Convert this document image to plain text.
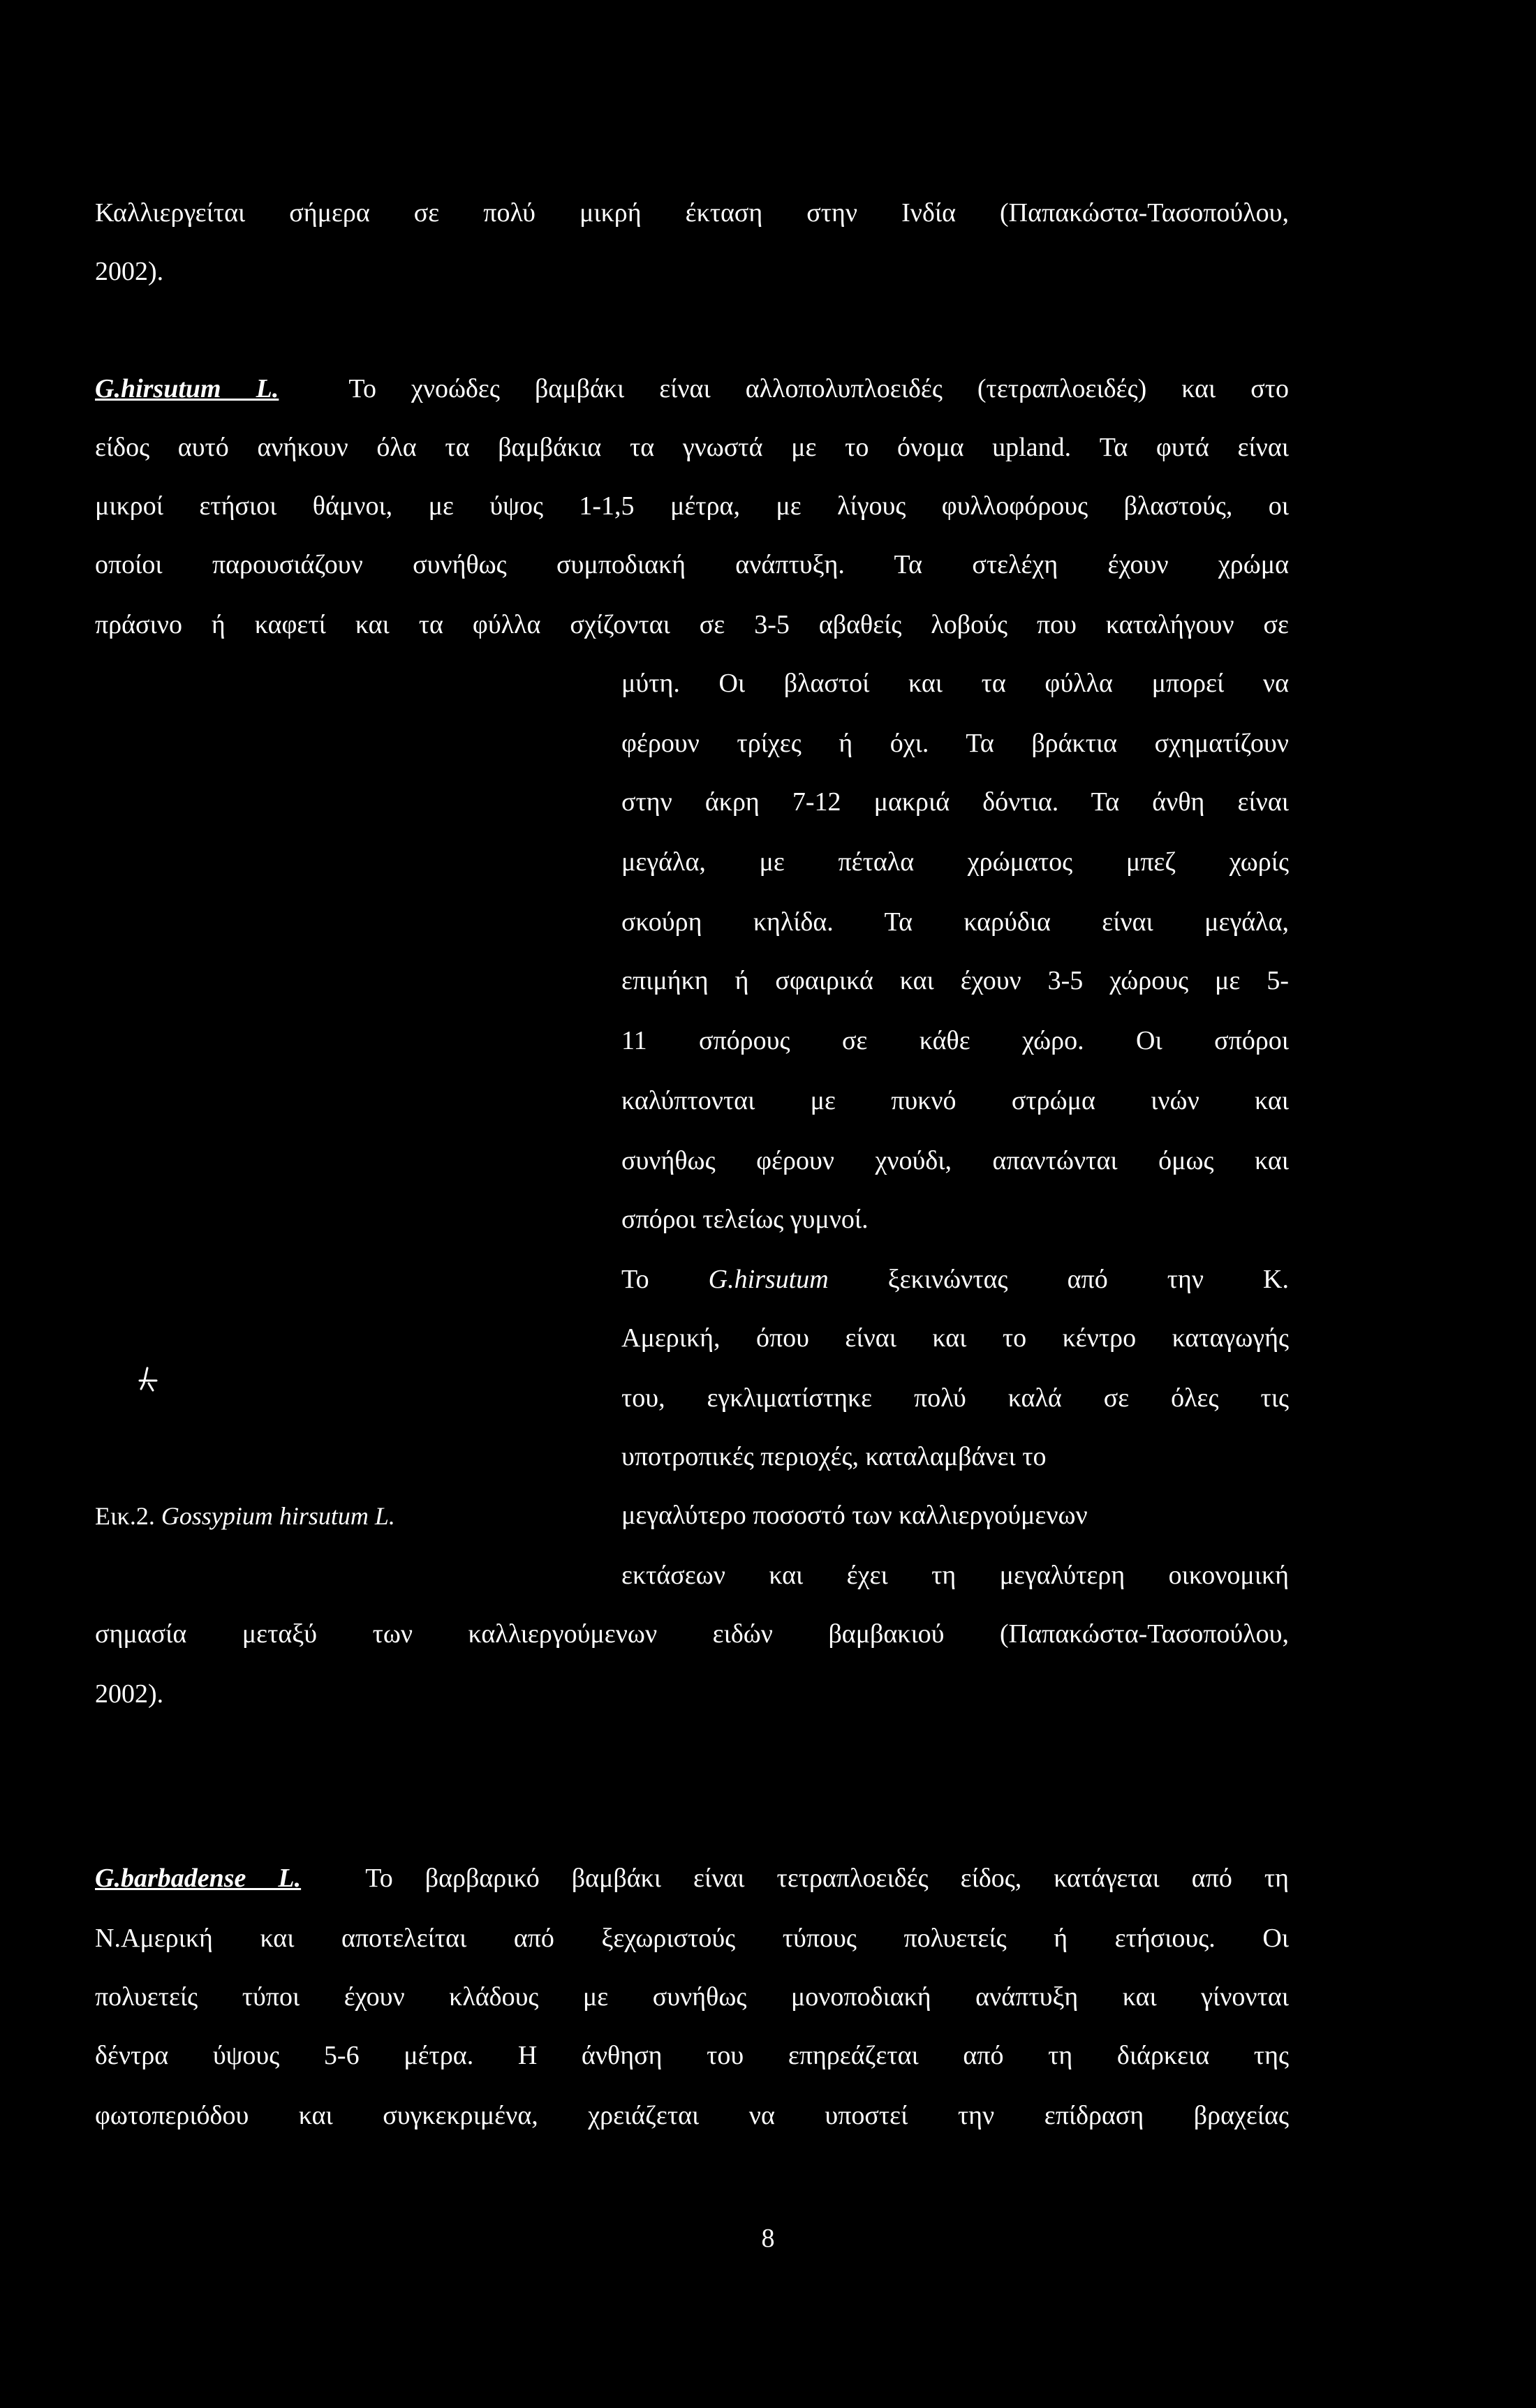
Καλλιεργείται σήμερα σε πολύ μικρή έκταση στην Ινδία (Παπακώστα-Τασοπούλου,
2002).
G.hirsutum L.	Το χνοώδες βαμβάκι είναι αλλοπολυπλοειδές (τετραπλοειδές) και στο
είδος αυτό ανήκουν όλα τα βαμβάκια τα γνωστά με το όνομα upland. Τα φυτά είναι
μικροί ετήσιοι θάμνοι, με ύψος 1-1,5 μέτρα, με λίγους φυλλοφόρους βλαστούς, οι
οποίοι παρουσιάζουν συνήθως συμποδιακή ανάπτυξη. Τα στελέχη έχουν χρώμα
πράσινο ή καφετί και τα φύλλα σχίζονται σε 3-5 αβαθείς λοβούς που καταλήγουν σε
μύτη. Οι βλαστοί και τα φύλλα μπορεί να
φέρουν τρίχες ή όχι. Τα βράκτια σχηματίζουν
στην άκρη 7-12 μακριά δόντια. Τα άνθη είναι
μεγάλα, με πέταλα χρώματος μπεζ χωρίς
σκούρη κηλίδα. Τα καρύδια είναι μεγάλα,
επιμήκη ή σφαιρικά και έχουν 3-5 χώρους με 5-
11 σπόρους σε κάθε χώρο. Οι σπόροι
καλύπτονται με πυκνό στρώμα ινών και
συνήθως φέρουν χνούδι, απαντώνται όμως και
σπόροι τελείως γυμνοί.
Το G.hirsutum ξεκινώντας από την Κ.
Αμερική, όπου είναι και το κέντρο καταγωγής
του, εγκλιματίστηκε πολύ καλά σε όλες τις
υποτροπικές περιοχές, καταλαμβάνει το
μεγαλύτερο ποσοστό των καλλιεργούμενων
εκτάσεων και έχει τη μεγαλύτερη οικονομική
σημασία μεταξύ των καλλιεργούμενων ειδών βαμβακιού (Παπακώστα-Τασοπούλου,
2002).
Εικ.2. Gossypium hirsutum L.
G.barbadense L. Το βαρβαρικό βαμβάκι είναι τετραπλοειδές είδος, κατάγεται από τη
Ν.Αμερική και αποτελείται από ξεχωριστούς τύπους πολυετείς ή ετήσιους. Οι
πολυετείς τύποι έχουν κλάδους με συνήθως μονοποδιακή ανάπτυξη και γίνονται
δέντρα ύψους 5-6 μέτρα. Η άνθηση του επηρεάζεται από τη διάρκεια της
φωτοπεριόδου και συγκεκριμένα, χρειάζεται να υποστεί την επίδραση βραχείας
8
